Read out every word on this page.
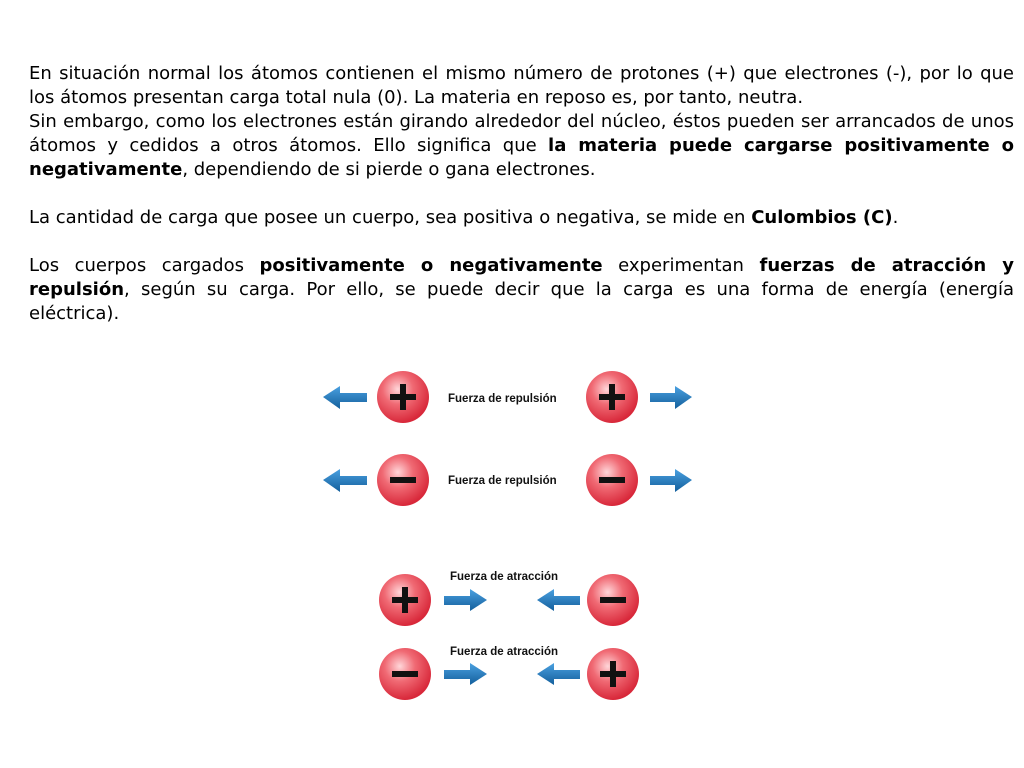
En situación normal los átomos contienen el mismo número de protones (+) que electrones (-), por lo que los átomos presentan carga total nula (0). La materia en reposo es, por tanto, neutra.

Sin embargo, como los electrones están girando alrededor del núcleo, éstos pueden ser arrancados de unos átomos y cedidos a otros átomos. Ello significa que la materia puede cargarse positivamente o negativamente, dependiendo de si pierde o gana electrones.

La cantidad de carga que posee un cuerpo, sea positiva o negativa, se mide en Culombios (C).

Los cuerpos cargados positivamente o negativamente experimentan fuerzas de atracción y repulsión, según su carga. Por ello, se puede decir que la carga es una forma de energía (energía eléctrica).

Fuerza de repulsión
Fuerza de repulsión
Fuerza de atracción
Fuerza de atracción
